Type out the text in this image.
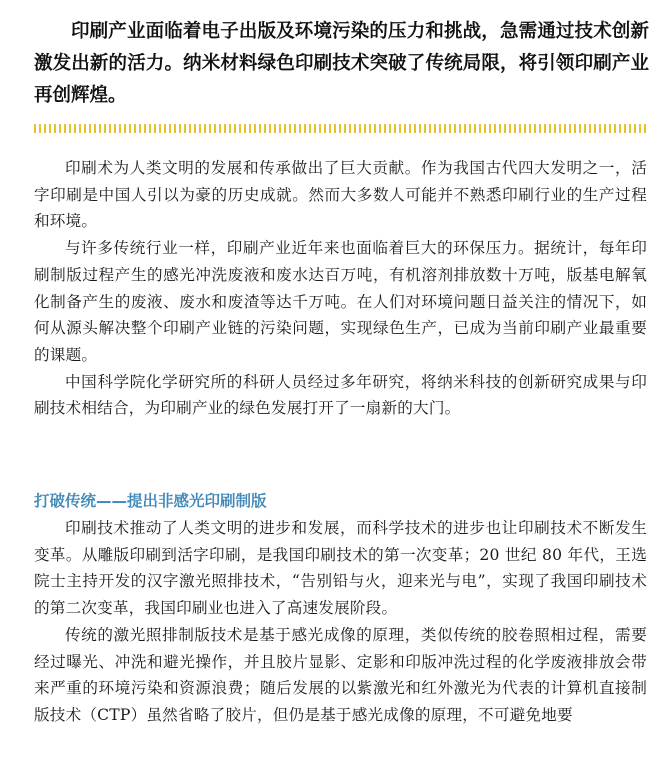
印刷产业面临着电子出版及环境污染的压力和挑战，急需通过技术创新激发出新的活力。纳米材料绿色印刷技术突破了传统局限，将引领印刷产业再创辉煌。

印刷术为人类文明的发展和传承做出了巨大贡献。作为我国古代四大发明之一，活字印刷是中国人引以为豪的历史成就。然而大多数人可能并不熟悉印刷行业的生产过程和环境。

与许多传统行业一样，印刷产业近年来也面临着巨大的环保压力。据统计，每年印刷制版过程产生的感光冲洗废液和废水达百万吨，有机溶剂排放数十万吨，版基电解氧化制备产生的废液、废水和废渣等达千万吨。在人们对环境问题日益关注的情况下，如何从源头解决整个印刷产业链的污染问题，实现绿色生产，已成为当前印刷产业最重要的课题。

中国科学院化学研究所的科研人员经过多年研究，将纳米科技的创新研究成果与印刷技术相结合，为印刷产业的绿色发展打开了一扇新的大门。

打破传统——提出非感光印刷制版

印刷技术推动了人类文明的进步和发展，而科学技术的进步也让印刷技术不断发生变革。从雕版印刷到活字印刷，是我国印刷技术的第一次变革；20 世纪 80 年代，王选院士主持开发的汉字激光照排技术，“告别铅与火，迎来光与电”，实现了我国印刷技术的第二次变革，我国印刷业也进入了高速发展阶段。

传统的激光照排制版技术是基于感光成像的原理，类似传统的胶卷照相过程，需要经过曝光、冲洗和避光操作，并且胶片显影、定影和印版冲洗过程的化学废液排放会带来严重的环境污染和资源浪费；随后发展的以紫激光和红外激光为代表的计算机直接制版技术（CTP）虽然省略了胶片，但仍是基于感光成像的原理，不可避免地要
